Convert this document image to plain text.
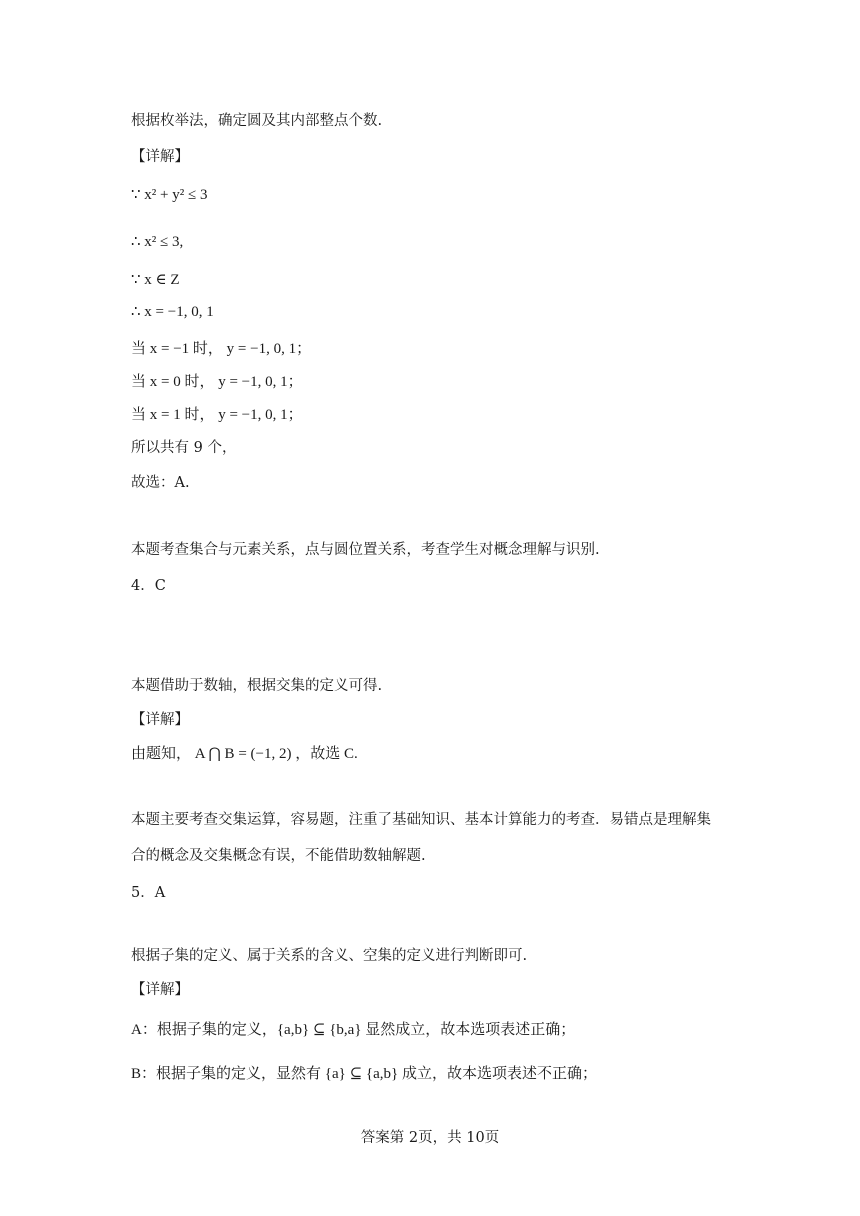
根据枚举法，确定圆及其内部整点个数.
【详解】
∵ x² + y² ≤ 3
∴ x² ≤ 3,
∵ x ∈ Z
∴ x = −1, 0, 1
当 x = −1 时， y = −1, 0, 1；
当 x = 0 时， y = −1, 0, 1；
当 x = 1 时， y = −1, 0, 1；
所以共有 9 个，
故选：A.
本题考查集合与元素关系，点与圆位置关系，考查学生对概念理解与识别.
4．C
本题借助于数轴，根据交集的定义可得.
【详解】
由题知， A ⋂ B = (−1, 2) ，故选 C.
本题主要考查交集运算，容易题，注重了基础知识、基本计算能力的考查．易错点是理解集
合的概念及交集概念有误，不能借助数轴解题.
5．A
根据子集的定义、属于关系的含义、空集的定义进行判断即可.
【详解】
A：根据子集的定义，{a,b} ⊆ {b,a} 显然成立，故本选项表述正确；
B：根据子集的定义，显然有 {a} ⊆ {a,b} 成立，故本选项表述不正确；
答案第 2页，共 10页
